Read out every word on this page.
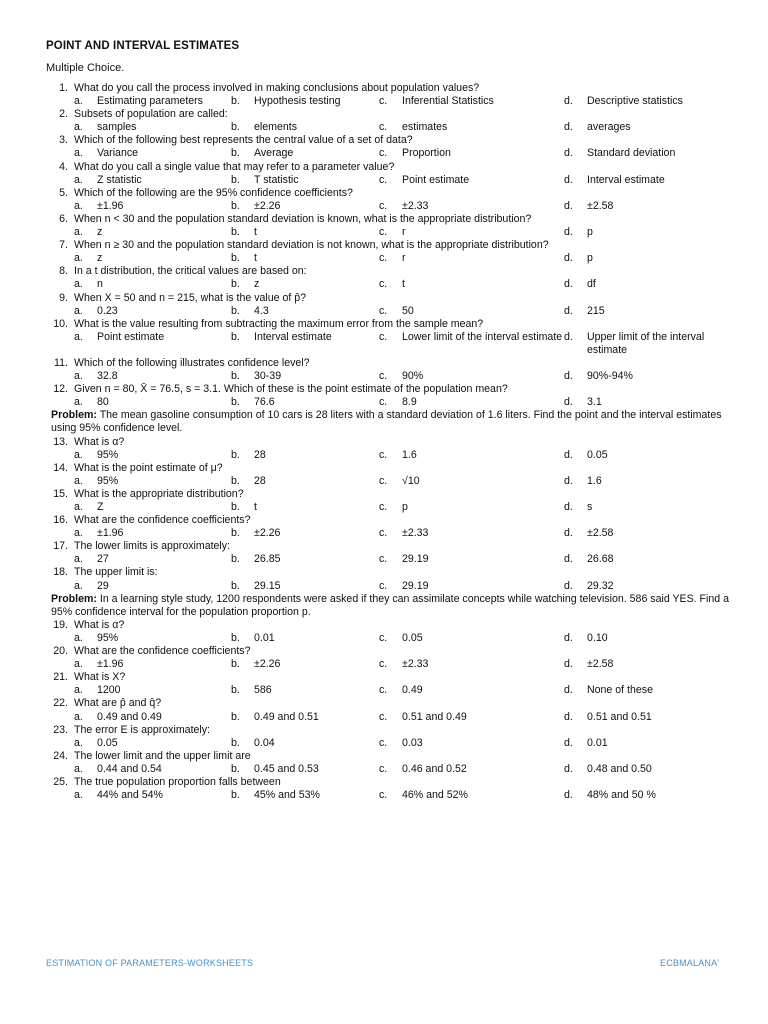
POINT AND INTERVAL ESTIMATES
Multiple Choice.
1. What do you call the process involved in making conclusions about population values?
a.	Estimating parameters	b.	Hypothesis testing	c.	Inferential Statistics	d.	Descriptive statistics
2. Subsets of population are called:
a.	samples	b.	elements	c.	estimates	d.	averages
3. Which of the following best represents the central value of a set of data?
a.	Variance	b.	Average	c.	Proportion	d.	Standard deviation
4. What do you call a single value that may refer to a parameter value?
a.	Z statistic	b.	T statistic	c.	Point estimate	d.	Interval estimate
5. Which of the following are the 95% confidence coefficients?
a.	±1.96	b.	±2.26	c.	±2.33	d.	±2.58
6. When n < 30 and the population standard deviation is known, what is the appropriate distribution?
a.	z	b.	t	c.	r	d.	p
7. When n ≥ 30 and the population standard deviation is not known, what is the appropriate distribution?
a.	z	b.	t	c.	r	d.	p
8. In a t distribution, the critical values are based on:
a.	n	b.	z	c.	t	d.	df
9. When X = 50 and n = 215, what is the value of p̂?
a.	0.23	b.	4.3	c.	50	d.	215
10. What is the value resulting from subtracting the maximum error from the sample mean?
a.	Point estimate	b.	Interval estimate	c.	Lower limit of the interval estimate d.	Upper limit of the interval estimate
11. Which of the following illustrates confidence level?
a.	32.8	b.	30-39	c.	90%	d.	90%-94%
12. Given n = 80, X̄ = 76.5, s = 3.1. Which of these is the point estimate of the population mean?
a.	80	b.	76.6	c.	8.9	d.	3.1
Problem: The mean gasoline consumption of 10 cars is 28 liters with a standard deviation of 1.6 liters. Find the point and the interval estimates using 95% confidence level.
13. What is α?
a.	95%	b.	28	c.	1.6	d.	0.05
14. What is the point estimate of μ?
a.	95%	b.	28	c.	√10	d.	1.6
15. What is the appropriate distribution?
a.	Z	b.	t	c.	p	d.	s
16. What are the confidence coefficients?
a.	±1.96	b.	±2.26	c.	±2.33	d.	±2.58
17. The lower limits is approximately:
a.	27	b.	26.85	c.	29.19	d.	26.68
18. The upper limit is:
a.	29	b.	29.15	c.	29.19	d.	29.32
Problem: In a learning style study, 1200 respondents were asked if they can assimilate concepts while watching television. 586 said YES. Find a 95% confidence interval for the population proportion p.
19. What is α?
a.	95%	b.	0.01	c.	0.05	d.	0.10
20. What are the confidence coefficients?
a.	±1.96	b.	±2.26	c.	±2.33	d.	±2.58
21. What is X?
a.	1200	b.	586	c.	0.49	d.	None of these
22. What are p̂ and q̂?
a.	0.49 and 0.49	b.	0.49 and 0.51	c.	0.51 and 0.49	d.	0.51 and 0.51
23. The error E is approximately:
a.	0.05	b.	0.04	c.	0.03	d.	0.01
24. The lower limit and the upper limit are
a.	0.44 and 0.54	b.	0.45 and 0.53	c.	0.46 and 0.52	d.	0.48 and 0.50
25. The true population proportion falls between
a.	44% and 54%	b.	45% and 53%	c.	46% and 52%	d.	48% and 50 %
ESTIMATION OF PARAMETERS-WORKSHEETS	ECBMALANA'
